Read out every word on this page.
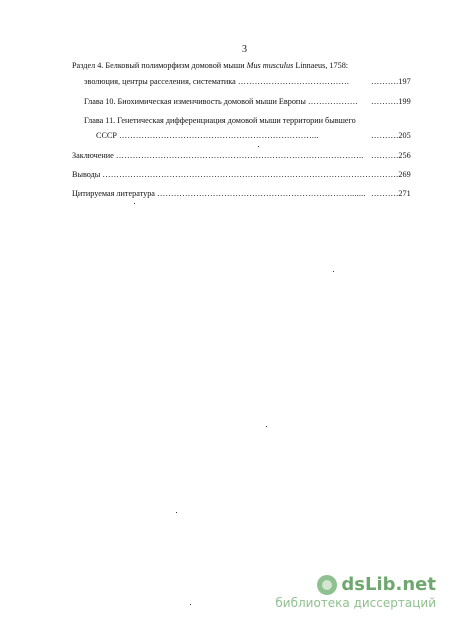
3
Раздел 4. Белковый полиморфизм домовой мыши Mus musculus Linnaeus, 1758:
эволюция, центры расселения, систематика ………………………………….	……….197
Глава 10. Биохимическая изменчивость домовой мыши Европы ……………… ……….199
Глава 11. Генетическая дифференциация домовой мыши территории бывшего
СССР ……………………………………………………………...	……….205
Заключение …………………………………………………………………………….. ……….256
Выводы …………………………………………………………………………………… ……….269
Цитируемая литература ……………………………………………………………....... ……….271
dsLib.net
библиотека диссертаций
